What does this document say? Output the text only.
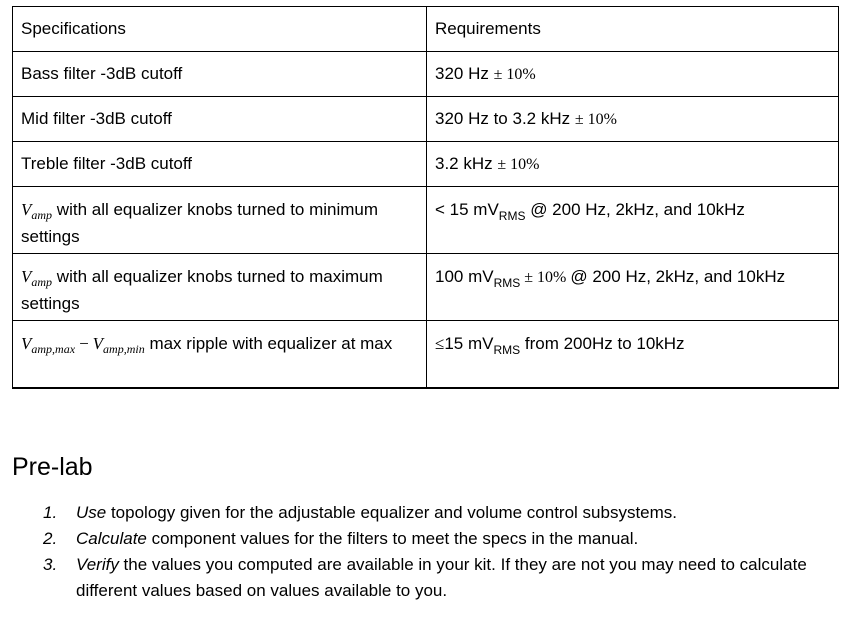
Specifications	Requirements
Bass filter -3dB cutoff	320 Hz ± 10%
Mid filter -3dB cutoff	320 Hz to 3.2 kHz ± 10%
Treble filter -3dB cutoff	3.2 kHz ± 10%
$V_{amp}$ with all equalizer knobs turned to minimum settings	< 15 $mV_{RMS}$ @ 200 Hz, 2kHz, and 10kHz
$V_{amp}$ with all equalizer knobs turned to maximum settings	100 $mV_{RMS} \pm 10\%$ @ 200 Hz, 2kHz, and 10kHz
$V_{amp,max} - V_{amp,min}$ max ripple with equalizer at max	≤15 $mV_{RMS}$ from 200Hz to 10kHz
Pre-lab
1. Use topology given for the adjustable equalizer and volume control subsystems.
2. Calculate component values for the filters to meet the specs in the manual.
3. Verify the values you computed are available in your kit. If they are not you may need to calculate different values based on values available to you.
